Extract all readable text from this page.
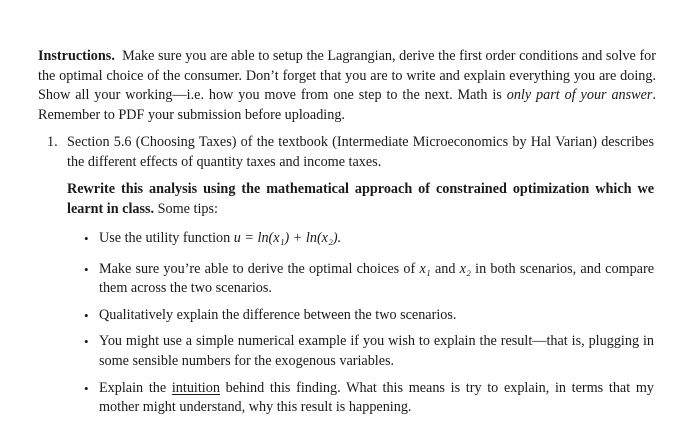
Instructions. Make sure you are able to setup the Lagrangian, derive the first order conditions and solve for the optimal choice of the consumer. Don’t forget that you are to write and explain everything you are doing. Show all your working—i.e. how you move from one step to the next. Math is only part of your answer. Remember to PDF your submission before uploading.
1. Section 5.6 (Choosing Taxes) of the textbook (Intermediate Microeconomics by Hal Varian) describes the different effects of quantity taxes and income taxes.

Rewrite this analysis using the mathematical approach of constrained optimization which we learnt in class. Some tips:

• Use the utility function u = ln(x₁) + ln(x₂).
• Make sure you’re able to derive the optimal choices of x₁ and x₂ in both scenarios, and compare them across the two scenarios.
• Qualitatively explain the difference between the two scenarios.
• You might use a simple numerical example if you wish to explain the result—that is, plugging in some sensible numbers for the exogenous variables.
• Explain the intuition behind this finding. What this means is try to explain, in terms that my mother might understand, why this result is happening.
